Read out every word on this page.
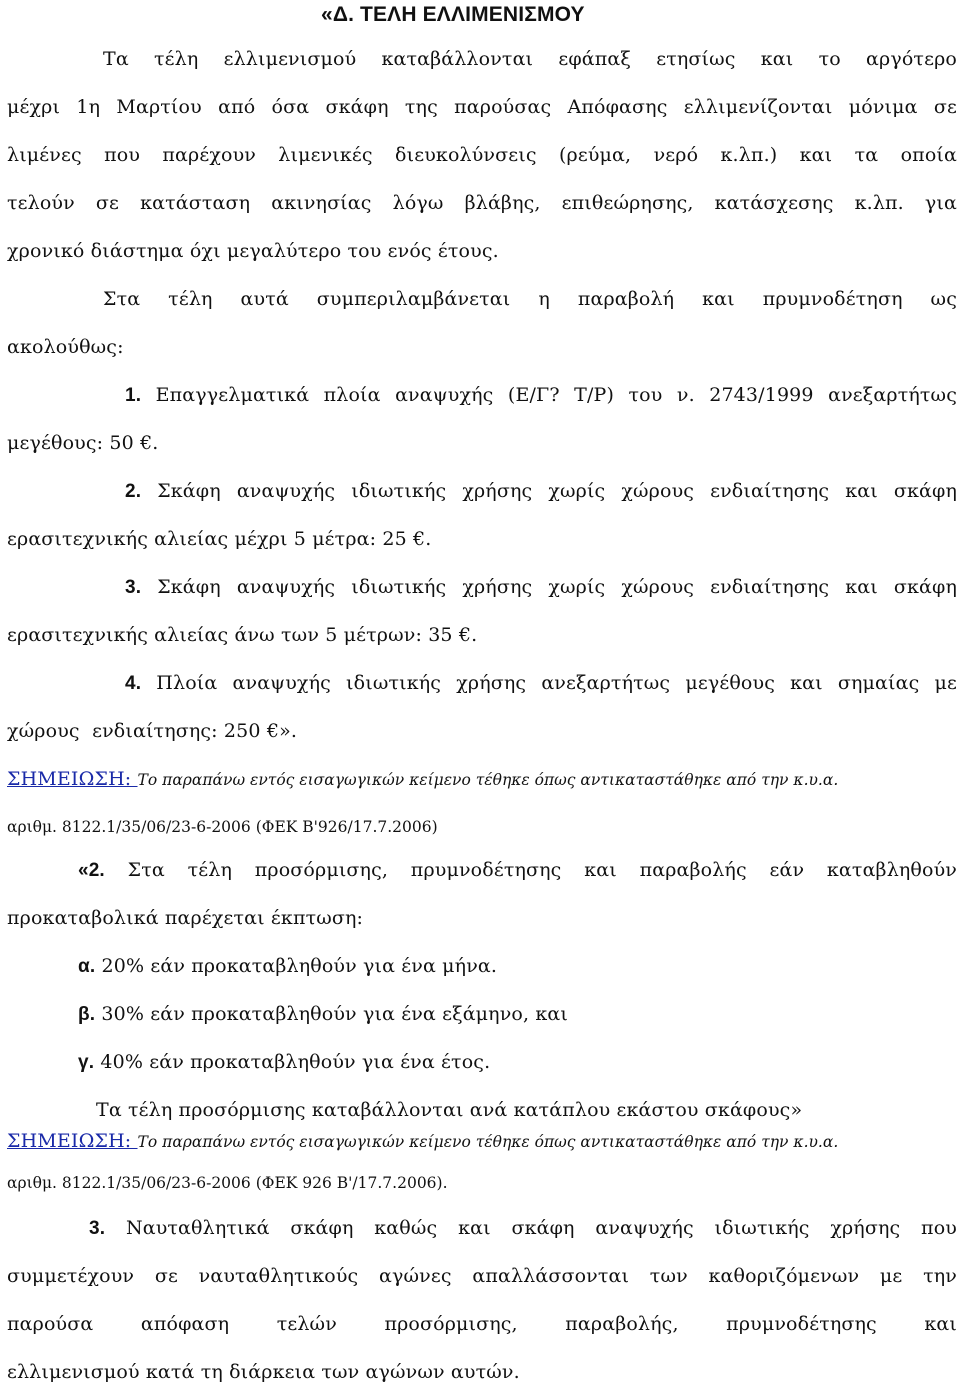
«Δ. ΤΕΛΗ ΕΛΛΙΜΕΝΙΣΜΟΥ
Τα τέλη ελλιμενισμού καταβάλλονται εφάπαξ ετησίως και το αργότερο
μέχρι 1η Μαρτίου από όσα σκάφη της παρούσας Απόφασης ελλιμενίζονται μόνιμα σε
λιμένες που παρέχουν λιμενικές διευκολύνσεις (ρεύμα, νερό κ.λπ.) και τα οποία
τελούν σε κατάσταση ακινησίας λόγω βλάβης, επιθεώρησης, κατάσχεσης κ.λπ. για
χρονικό διάστημα όχι μεγαλύτερο του ενός έτους.
Στα τέλη αυτά συμπεριλαμβάνεται η παραβολή και πρυμνοδέτηση ως
ακολούθως:
1. Επαγγελματικά πλοία αναψυχής (Ε/Γ? Τ/Ρ) του ν. 2743/1999 ανεξαρτήτως
μεγέθους: 50 €.
2. Σκάφη αναψυχής ιδιωτικής χρήσης χωρίς χώρους ενδιαίτησης και σκάφη
ερασιτεχνικής αλιείας μέχρι 5 μέτρα: 25 €.
3. Σκάφη αναψυχής ιδιωτικής χρήσης χωρίς χώρους ενδιαίτησης και σκάφη
ερασιτεχνικής αλιείας άνω των 5 μέτρων: 35 €.
4. Πλοία αναψυχής ιδιωτικής χρήσης ανεξαρτήτως μεγέθους και σημαίας με
χώρους  ενδιαίτησης: 250 €».
ΣΗΜΕΙΩΣΗ: Το παραπάνω εντός εισαγωγικών κείμενο τέθηκε όπως αντικαταστάθηκε από την κ.υ.α.
αριθμ. 8122.1/35/06/23-6-2006 (ΦΕΚ Β'926/17.7.2006)
«2. Στα τέλη προσόρμισης, πρυμνοδέτησης και παραβολής εάν καταβληθούν
προκαταβολικά παρέχεται έκπτωση:
α. 20% εάν προκαταβληθούν για ένα μήνα.
β. 30% εάν προκαταβληθούν για ένα εξάμηνο, και
γ. 40% εάν προκαταβληθούν για ένα έτος.
Τα τέλη προσόρμισης καταβάλλονται ανά κατάπλου εκάστου σκάφους»
ΣΗΜΕΙΩΣΗ: Το παραπάνω εντός εισαγωγικών κείμενο τέθηκε όπως αντικαταστάθηκε από την κ.υ.α.
αριθμ. 8122.1/35/06/23-6-2006 (ΦΕΚ 926 Β'/17.7.2006).
3. Ναυταθλητικά σκάφη καθώς και σκάφη αναψυχής ιδιωτικής χρήσης που
συμμετέχουν σε ναυταθλητικούς αγώνες απαλλάσσονται των καθοριζόμενων με την
παρούσα απόφαση τελών προσόρμισης, παραβολής, πρυμνοδέτησης και
ελλιμενισμού κατά τη διάρκεια των αγώνων αυτών.
